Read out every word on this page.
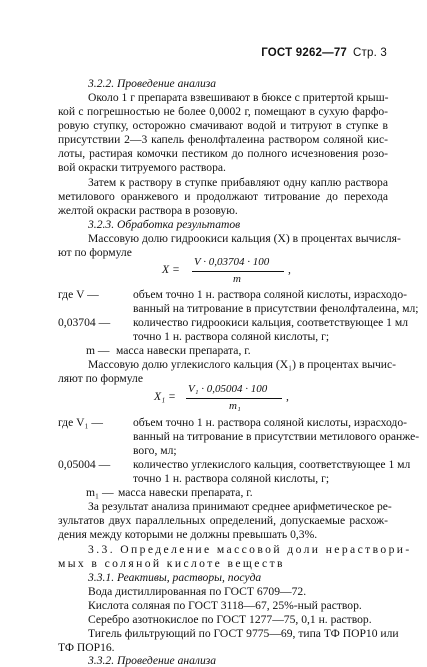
ГОСТ 9262—77 Стр. 3
3.2.2. Проведение анализа
Около 1 г препарата взвешивают в бюксе с притертой крыш-
кой с погрешностью не более 0,0002 г, помещают в сухую фарфо-
ровую ступку, осторожно смачивают водой и титруют в ступке в
присутствии 2—3 капель фенолфталеина раствором соляной кис-
лоты, растирая комочки пестиком до полного исчезновения розо-
вой окраски титруемого раствора.
Затем к раствору в ступке прибавляют одну каплю раствора
метилового оранжевого и продолжают титрование до перехода
желтой окраски раствора в розовую.
3.2.3. Обработка результатов
Массовую долю гидроокиси кальция (X) в процентах вычисля-
ют по формуле
X =
V · 0,03704 · 100
m
,
где V —	объем точно 1 н. раствора соляной кислоты, израсходо-
ванный на титрование в присутствии фенолфталеина, мл;
0,03704 — количество гидроокиси кальция, соответствующее 1 мл
точно 1 н. раствора соляной кислоты, г;
m — масса навески препарата, г.
Массовую долю углекислого кальция (X₁) в процентах вычис-
ляют по формуле
X₁ =
V₁ · 0,05004 · 100
m₁
,
где V₁ —	объем точно 1 н. раствора соляной кислоты, израсходо-
ванный на титрование в присутствии метилового оранже-
вого, мл;
0,05004 — количество углекислого кальция, соответствующее 1 мл
точно 1 н. раствора соляной кислоты, г;
m₁ — масса навески препарата, г.
За результат анализа принимают среднее арифметическое ре-
зультатов двух параллельных определений, допускаемые расхож-
дения между которыми не должны превышать 0,3%.
3.3. Определение массовой доли нераствори-
мых в соляной кислоте веществ
3.3.1. Реактивы, растворы, посуда
Вода дистиллированная по ГОСТ 6709—72.
Кислота соляная по ГОСТ 3118—67, 25%-ный раствор.
Серебро азотнокислое по ГОСТ 1277—75, 0,1 н. раствор.
Тигель фильтрующий по ГОСТ 9775—69, типа ТФ ПОР10 или
ТФ ПОР16.
3.3.2. Проведение анализа
